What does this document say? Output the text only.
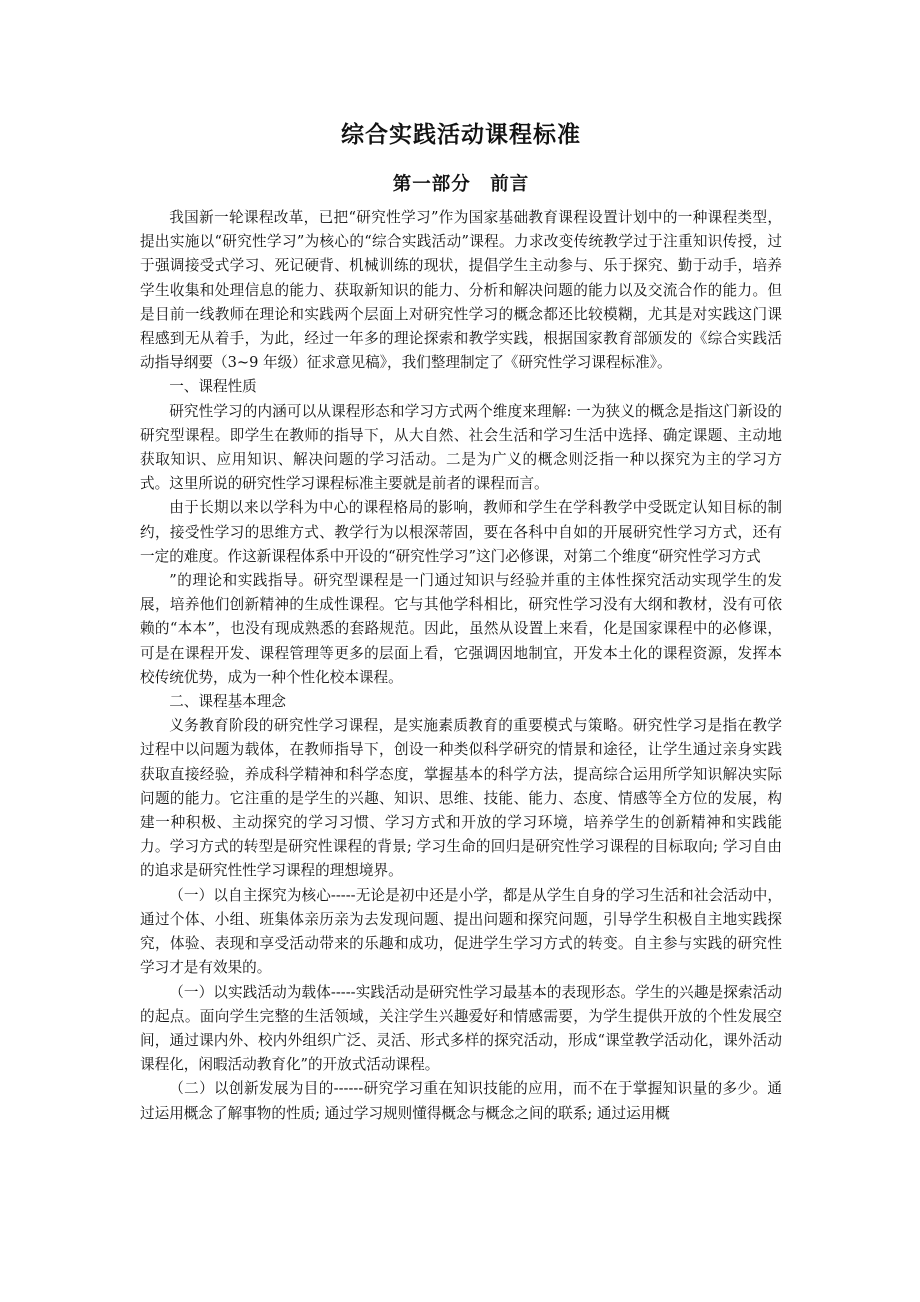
综合实践活动课程标准
第一部分　前言

我国新一轮课程改革，已把“研究性学习”作为国家基础教育课程设置计划中的一种课程类型，提出实施以“研究性学习”为核心的“综合实践活动”课程。力求改变传统教学过于注重知识传授，过于强调接受式学习、死记硬背、机械训练的现状，提倡学生主动参与、乐于探究、勤于动手，培养学生收集和处理信息的能力、获取新知识的能力、分析和解决问题的能力以及交流合作的能力。但是目前一线教师在理论和实践两个层面上对研究性学习的概念都还比较模糊，尤其是对实践这门课程感到无从着手，为此，经过一年多的理论探索和教学实践，根据国家教育部颁发的《综合实践活动指导纲要（3~9 年级）征求意见稿》，我们整理制定了《研究性学习课程标准》。

一、课程性质

研究性学习的内涵可以从课程形态和学习方式两个维度来理解: 一为狭义的概念是指这门新设的研究型课程。即学生在教师的指导下，从大自然、社会生活和学习生活中选择、确定课题、主动地获取知识、应用知识、解决问题的学习活动。二是为广义的概念则泛指一种以探究为主的学习方式。这里所说的研究性学习课程标准主要就是前者的课程而言。

由于长期以来以学科为中心的课程格局的影响，教师和学生在学科教学中受既定认知目标的制约，接受性学习的思维方式、教学行为以根深蒂固，要在各科中自如的开展研究性学习方式，还有一定的难度。作这新课程体系中开设的“研究性学习”这门必修课，对第二个维度“研究性学习方式

”的理论和实践指导。研究型课程是一门通过知识与经验并重的主体性探究活动实现学生的发展，培养他们创新精神的生成性课程。它与其他学科相比，研究性学习没有大纲和教材，没有可依赖的“本本”，也没有现成熟悉的套路规范。因此，虽然从设置上来看，化是国家课程中的必修课，可是在课程开发、课程管理等更多的层面上看，它强调因地制宜，开发本土化的课程资源，发挥本校传统优势，成为一种个性化校本课程。

二、课程基本理念

义务教育阶段的研究性学习课程，是实施素质教育的重要模式与策略。研究性学习是指在教学过程中以问题为载体，在教师指导下，创设一种类似科学研究的情景和途径，让学生通过亲身实践获取直接经验，养成科学精神和科学态度，掌握基本的科学方法，提高综合运用所学知识解决实际问题的能力。它注重的是学生的兴趣、知识、思维、技能、能力、态度、情感等全方位的发展，构建一种积极、主动探究的学习习惯、学习方式和开放的学习环境，培养学生的创新精神和实践能力。学习方式的转型是研究性课程的背景; 学习生命的回归是研究性学习课程的目标取向; 学习自由的追求是研究性性学习课程的理想境界。

（一）以自主探究为核心-----无论是初中还是小学，都是从学生自身的学习生活和社会活动中，通过个体、小组、班集体亲历亲为去发现问题、提出问题和探究问题，引导学生积极自主地实践探究，体验、表现和享受活动带来的乐趣和成功，促进学生学习方式的转变。自主参与实践的研究性学习才是有效果的。

（一）以实践活动为载体-----实践活动是研究性学习最基本的表现形态。学生的兴趣是探索活动的起点。面向学生完整的生活领域，关注学生兴趣爱好和情感需要，为学生提供开放的个性发展空间，通过课内外、校内外组织广泛、灵活、形式多样的探究活动，形成“课堂教学活动化，课外活动课程化，闲暇活动教育化”的开放式活动课程。

（二）以创新发展为目的------研究学习重在知识技能的应用，而不在于掌握知识量的多少。通过运用概念了解事物的性质; 通过学习规则懂得概念与概念之间的联系; 通过运用概
